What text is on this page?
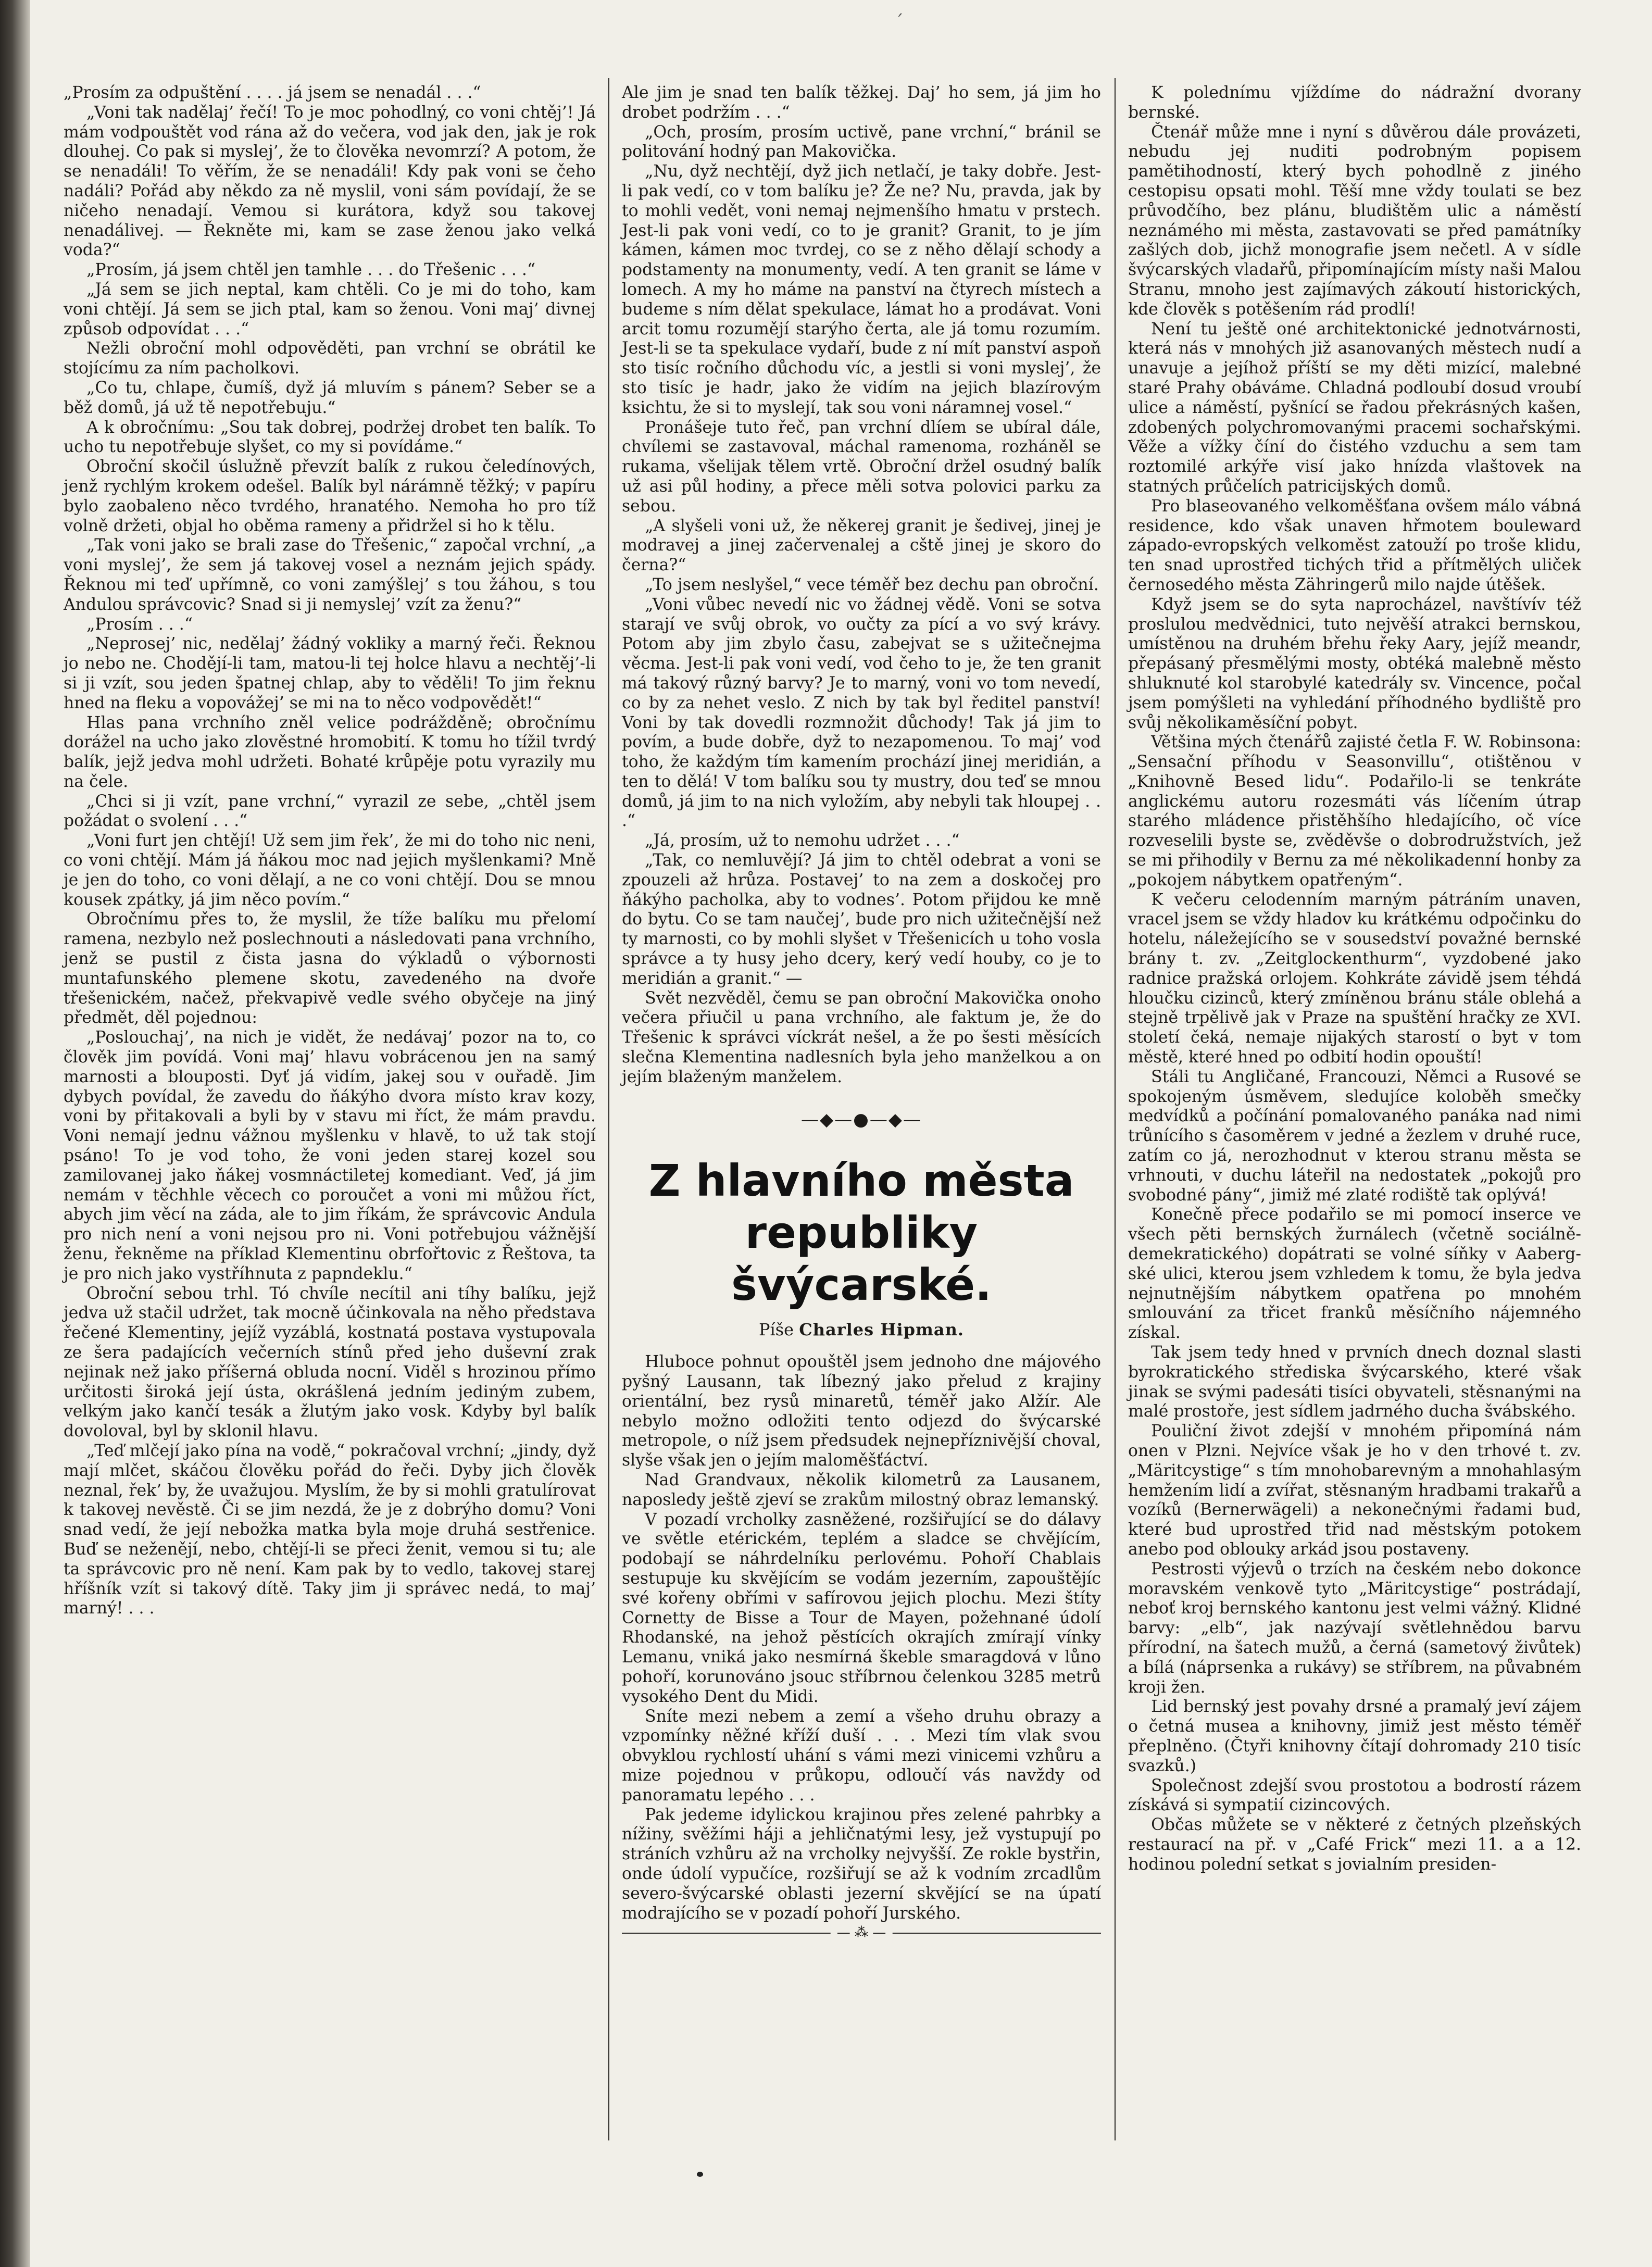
ˊ

„Prosím za odpuštění . . . . já jsem se nenadál . . .“

„Voni tak nadělaj’ řečí! To je moc pohodlný, co voni chtěj’! Já mám vodpouštět vod rána až do večera, vod jak den, jak je rok dlouhej. Co pak si myslej’, že to člověka nevomrzí? A potom, že se nenadáli! To věřím, že se nenadáli! Kdy pak voni se čeho nadáli? Pořád aby někdo za ně myslil, voni sám povídají, že se ničeho nenadají. Vemou si kurátora, když sou takovej nenadálivej. — Řekněte mi, kam se zase ženou jako velká voda?“

„Prosím, já jsem chtěl jen tamhle . . . do Třešenic . . .“

„Já sem se jich neptal, kam chtěli. Co je mi do toho, kam voni chtějí. Já sem se jich ptal, kam so ženou. Voni maj’ divnej způsob odpovídat . . .“

Nežli obroční mohl odpověděti, pan vrchní se obrátil ke stojícímu za ním pacholkovi.

„Co tu, chlape, čumíš, dyž já mluvím s pánem? Seber se a běž domů, já už tě nepotřebuju.“

A k obročnímu: „Sou tak dobrej, podržej drobet ten balík. To ucho tu nepotřebuje slyšet, co my si povídáme.“

Obroční skočil úslužně převzít balík z rukou čeledínových, jenž rychlým krokem odešel. Balík byl nárámně těžký; v papíru bylo zaobaleno něco tvrdého, hranatého. Nemoha ho pro tíž volně držeti, objal ho oběma rameny a přidržel si ho k tělu.

„Tak voni jako se brali zase do Třešenic,“ započal vrchní, „a voni myslej’, že sem já takovej vosel a neznám jejich spády. Řeknou mi teď upřímně, co voni zamýšlej’ s tou žáhou, s tou Andulou správcovic? Snad si ji nemyslej’ vzít za ženu?“

„Prosím . . .“

„Neprosej’ nic, nedělaj’ žádný vokliky a marný řeči. Řeknou jo nebo ne. Chodějí-li tam, matou-li tej holce hlavu a nechtěj’-li si ji vzít, sou jeden špatnej chlap, aby to věděli! To jim řeknu hned na fleku a vopovážej’ se mi na to něco vodpovědět!“

Hlas pana vrchního zněl velice podrážděně; obročnímu dorážel na ucho jako zlověstné hromobití. K tomu ho tížil tvrdý balík, jejž jedva mohl udržeti. Bohaté krůpěje potu vyrazily mu na čele.

„Chci si ji vzít, pane vrchní,“ vyrazil ze sebe, „chtěl jsem požádat o svolení . . .“

„Voni furt jen chtějí! Už sem jim řek’, že mi do toho nic neni, co voni chtějí. Mám já ňákou moc nad jejich myšlenkami? Mně je jen do toho, co voni dělají, a ne co voni chtějí. Dou se mnou kousek zpátky, já jim něco povím.“

Obročnímu přes to, že myslil, že tíže balíku mu přelomí ramena, nezbylo než poslechnouti a následovati pana vrchního, jenž se pustil z čista jasna do výkladů o výbornosti muntafunského plemene skotu, zavedeného na dvoře třešenickém, načež, překvapivě vedle svého obyčeje na jiný předmět, děl pojednou:

„Poslouchaj’, na nich je vidět, že nedávaj’ pozor na to, co člověk jim povídá. Voni maj’ hlavu vobrácenou jen na samý marnosti a blouposti. Dyť já vidím, jakej sou v ouřadě. Jim dybych povídal, že zavedu do ňákýho dvora místo krav kozy, voni by přitakovali a byli by v stavu mi říct, že mám pravdu. Voni nemají jednu vážnou myšlenku v hlavě, to už tak stojí psáno! To je vod toho, že voni jeden starej kozel sou zamilovanej jako ňákej vosmnáctiletej komediant. Veď, já jim nemám v těchhle věcech co poroučet a voni mi můžou říct, abych jim věcí na záda, ale to jim říkám, že správcovic Andula pro nich není a voni nejsou pro ni. Voni potřebujou vážnější ženu, řekněme na příklad Klementinu obrfořtovic z Řeštova, ta je pro nich jako vystříhnuta z papndeklu.“

Obroční sebou trhl. Tó chvíle necítil ani tíhy balíku, jejž jedva už stačil udržet, tak mocně účinkovala na něho představa řečené Klementiny, jejíž vyzáblá, kostnatá postava vystupovala ze šera padajících večerních stínů před jeho duševní zrak nejinak než jako příšerná obluda nocní. Viděl s hrozinou přímo určitosti široká její ústa, okrášlená jedním jediným zubem, velkým jako kančí tesák a žlutým jako vosk. Kdyby byl balík dovoloval, byl by sklonil hlavu.

„Teď mlčejí jako pína na vodě,“ pokračoval vrchní; „jindy, dyž mají mlčet, skáčou člověku pořád do řeči. Dyby jich člověk neznal, řek’ by, že uvažujou. Myslím, že by si mohli gratulírovat k takovej nevěstě. Či se jim nezdá, že je z dobrýho domu? Voni snad vedí, že její nebožka matka byla moje druhá sestřenice. Buď se neženějí, nebo, chtějí-li se přeci ženit, vemou si tu; ale ta správcovic pro ně není. Kam pak by to vedlo, takovej starej hříšník vzít si takový dítě. Taky jim ji správec nedá, to maj’ marný! . . .

Ale jim je snad ten balík těžkej. Daj’ ho sem, já jim ho drobet podržím . . .“

„Och, prosím, prosím uctivě, pane vrchní,“ bránil se politování hodný pan Makovička.

„Nu, dyž nechtějí, dyž jich netlačí, je taky dobře. Jest-li pak vedí, co v tom balíku je? Že ne? Nu, pravda, jak by to mohli vedět, voni nemaj nejmenšího hmatu v prstech. Jest-li pak voni vedí, co to je granit? Granit, to je jím kámen, kámen moc tvrdej, co se z něho dělají schody a podstamenty na monumenty, vedí. A ten granit se láme v lomech. A my ho máme na panství na čtyrech místech a budeme s ním dělat spekulace, lámat ho a prodávat. Voni arcit tomu rozumějí starýho čerta, ale já tomu rozumím. Jest-li se ta spekulace vydaří, bude z ní mít panství aspoň sto tisíc ročního důchodu víc, a jestli si voni myslej’, že sto tisíc je hadr, jako že vidím na jejich blazírovým ksichtu, že si to myslejí, tak sou voni náramnej vosel.“

Pronášeje tuto řeč, pan vrchní dlíem se ubíral dále, chvílemi se zastavoval, máchal ramenoma, rozháněl se rukama, všelijak tělem vrtě. Obroční držel osudný balík už asi půl hodiny, a přece měli sotva polovici parku za sebou.

„A slyšeli voni už, že někerej granit je šedivej, jinej je modravej a jinej začervenalej a cště jinej je skoro do černa?“

„To jsem neslyšel,“ vece téměř bez dechu pan obroční.

„Voni vůbec nevedí nic vo žádnej vědě. Voni se sotva starají ve svůj obrok, vo oučty za pící a vo svý krávy. Potom aby jim zbylo času, zabejvat se s užitečnejma věcma. Jest-li pak voni vedí, vod čeho to je, že ten granit má takový různý barvy? Je to marný, voni vo tom nevedí, co by za nehet veslo. Z nich by tak byl ředitel panství! Voni by tak dovedli rozmnožit důchody! Tak já jim to povím, a bude dobře, dyž to nezapomenou. To maj’ vod toho, že každým tím kamením prochází jinej meridián, a ten to dělá! V tom balíku sou ty mustry, dou teď se mnou domů, já jim to na nich vyložím, aby nebyli tak hloupej . . .“

„Já, prosím, už to nemohu udržet . . .“

„Tak, co nemluvějí? Já jim to chtěl odebrat a voni se zpouzeli až hrůza. Postavej’ to na zem a doskočej pro ňákýho pacholka, aby to vodnes’. Potom přijdou ke mně do bytu. Co se tam naučej’, bude pro nich užitečnější než ty marnosti, co by mohli slyšet v Třešenicích u toho vosla správce a ty husy jeho dcery, kerý vedí houby, co je to meridián a granit.“ —

Svět nezvěděl, čemu se pan obroční Makovička onoho večera přiučil u pana vrchního, ale faktum je, že do Třešenic k správci víckrát nešel, a že po šesti měsících slečna Klementina nadlesních byla jeho manželkou a on jejím blaženým manželem.

—◆—●—◆—
Z hlavního města republiky švýcarské.
Píše Charles Hipman.

Hluboce pohnut opouštěl jsem jednoho dne májového pyšný Lausann, tak líbezný jako přelud z krajiny orientální, bez rysů minaretů, téměř jako Alžír. Ale nebylo možno odložiti tento odjezd do švýcarské metropole, o níž jsem předsudek nejnepříznivější choval, slyše však jen o jejím maloměšťáctví.

Nad Grandvaux, několik kilometrů za Lausanem, naposledy ještě zjeví se zrakům milostný obraz lemanský.

V pozadí vrcholky zasněžené, rozšiřující se do dálavy ve světle etérickém, teplém a sladce se chvějícím, podobají se náhrdelníku perlovému. Pohoří Chablais sestupuje ku skvějícím se vodám jezerním, zapouštějíc své kořeny obřími v safírovou jejich plochu. Mezi štíty Cornetty de Bisse a Tour de Mayen, požehnané údolí Rhodanské, na jehož pěstících okrajích zmírají vínky Lemanu, vniká jako nesmírná škeble smaragdová v lůno pohoří, korunováno jsouc stříbrnou čelenkou 3285 metrů vysokého Dent du Midi.

Sníte mezi nebem a zemí a všeho druhu obrazy a vzpomínky něžné kříží duší . . . Mezi tím vlak svou obvyklou rychlostí uhání s vámi mezi vinicemi vzhůru a mize pojednou v průkopu, odloučí vás navždy od panoramatu lepého . . .

Pak jedeme idylickou krajinou přes zelené pahrbky a nížiny, svěžími háji a jehličnatými lesy, jež vystupují po stráních vzhůru až na vrcholky nejvyšší. Ze rokle bystřin, onde údolí vypučíce, rozšiřují se až k vodním zrcadlům severo-švýcarské oblasti jezerní skvějící se na úpatí modrajícího se v pozadí pohoří Jurského.

— ⁂ —

K polednímu vjíždíme do nádražní dvorany bernské.

Čtenář může mne i nyní s důvěrou dále provázeti, nebudu jej nuditi podrobným popisem pamětihodností, který bych pohodlně z jiného cestopisu opsati mohl. Těší mne vždy toulati se bez průvodčího, bez plánu, bludištěm ulic a náměstí neznámého mi města, zastavovati se před památníky zašlých dob, jichž monografie jsem nečetl. A v sídle švýcarských vladařů, připomínajícím místy naši Malou Stranu, mnoho jest zajímavých zákoutí historických, kde člověk s potěšením rád prodlí!

Není tu ještě oné architektonické jednotvárnosti, která nás v mnohých již asanovaných městech nudí a unavuje a jejíhož příští se my děti mizící, malebné staré Prahy obáváme. Chladná podloubí dosud vroubí ulice a náměstí, pyšnící se řadou překrásných kašen, zdobených polychromovanými pracemi sochařskými. Věže a vížky číní do čistého vzduchu a sem tam roztomilé arkýře visí jako hnízda vlaštovek na statných průčelích patricijských domů.

Pro blaseovaného velkoměšťana ovšem málo vábná residence, kdo však unaven hřmotem bouleward západo-evropských velkoměst zatouží po troše klidu, ten snad uprostřed tichých třid a přítmělých uliček černosedého města Zähringerů milo najde útěšek.

Když jsem se do syta naprocházel, navštívív též proslulou medvědnici, tuto nejvěší atrakci bernskou, umístěnou na druhém břehu řeky Aary, jejíž meandr, přepásaný přesmělými mosty, obtéká malebně město shluknuté kol starobylé katedrály sv. Vincence, počal jsem pomýšleti na vyhledání příhodného bydliště pro svůj několikaměsíční pobyt.

Většina mých čtenářů zajisté četla F. W. Robinsona: „Sensační příhodu v Seasonvillu“, otištěnou v „Knihovně Besed lidu“. Podařilo-li se tenkráte anglickému autoru rozesmáti vás líčením útrap starého mládence přistěhšího hledajícího, oč více rozveselili byste se, zvěděvše o dobrodružstvích, jež se mi přihodily v Bernu za mé několikadenní honby za „pokojem nábytkem opatřeným“.

K večeru celodenním marným pátráním unaven, vracel jsem se vždy hladov ku krátkému odpočinku do hotelu, náležejícího se v sousedství považné bernské brány t. zv. „Zeitglockenthurm“, vyzdobené jako radnice pražská orlojem. Kohkráte závidě jsem téhdá hloučku cizinců, který zmíněnou bránu stále oblehá a stejně trpělivě jak v Praze na spuštění hračky ze XVI. století čeká, nemaje nijakých starostí o byt v tom městě, které hned po odbití hodin opouští!

Stáli tu Angličané, Francouzi, Němci a Rusové se spokojeným úsměvem, sledujíce koloběh smečky medvídků a počínání pomalovaného panáka nad nimi trůnícího s časoměrem v jedné a žezlem v druhé ruce, zatím co já, nerozhodnut v kterou stranu města se vrhnouti, v duchu láteřil na nedostatek „pokojů pro svobodné pány“, jimiž mé zlaté rodiště tak oplývá!

Konečně přece podařilo se mi pomocí inserce ve všech pěti bernských žurnálech (včetně sociálně-demekratického) dopátrati se volné síňky v Aaberg-ské ulici, kterou jsem vzhledem k tomu, že byla jedva nejnutnějším nábytkem opatřena po mnohém smlouvání za třicet franků měsíčního nájemného získal.

Tak jsem tedy hned v prvních dnech doznal slasti byrokratického střediska švýcarského, které však jinak se svými padesáti tisíci obyvateli, stěsnanými na malé prostoře, jest sídlem jadrného ducha švábského.

Pouliční život zdejší v mnohém připomíná nám onen v Plzni. Nejvíce však je ho v den trhové t. zv. „Märitcystige“ s tím mnohobarevným a mnohahlasým hemžením lidí a zvířat, stěsnaným hradbami trakařů a vozíků (Bernerwägeli) a nekonečnými řadami bud, které bud uprostřed třid nad městským potokem anebo pod oblouky arkád jsou postaveny.

Pestrosti výjevů o trzích na českém nebo dokonce moravském venkově tyto „Märitcystige“ postrádají, neboť kroj bernského kantonu jest velmi vážný. Klidné barvy: „elb“, jak nazývají světlehnědou barvu přírodní, na šatech mužů, a černá (sametový živůtek) a bílá (náprsenka a rukávy) se stříbrem, na půvabném kroji žen.

Lid bernský jest povahy drsné a pramalý jeví zájem o četná musea a knihovny, jimiž jest město téměř přeplněno. (Čtyři knihovny čítají dohromady 210 tisíc svazků.)

Společnost zdejší svou prostotou a bodrostí rázem získává si sympatií cizincových.

Občas můžete se v některé z četných plzeňských restaurací na př. v „Café Frick“ mezi 11. a a 12. hodinou polední setkat s jovialním presiden-
